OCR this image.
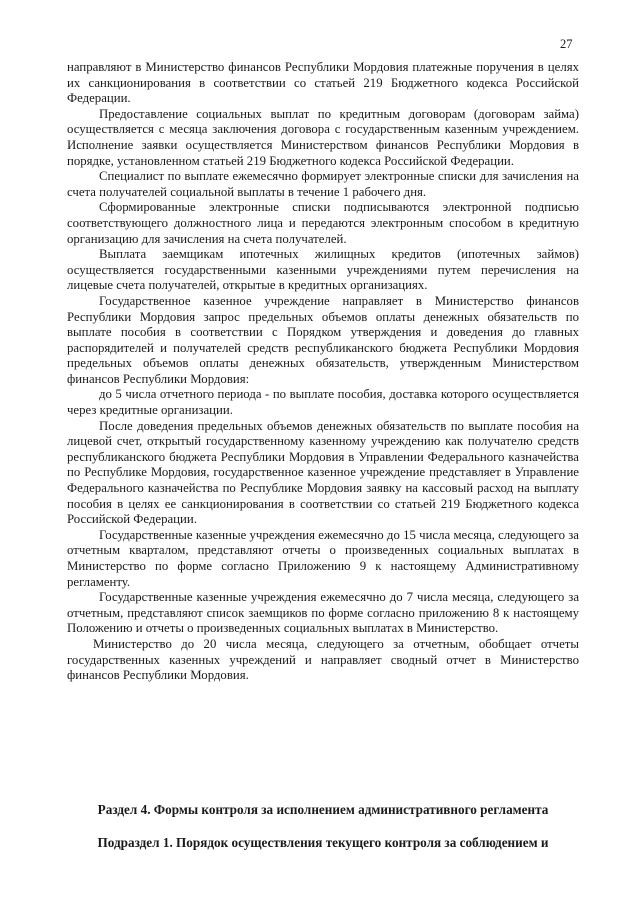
27

направляют в Министерство финансов Республики Мордовия платежные поручения в целях их санкционирования в соответствии со статьей 219 Бюджетного кодекса Российской Федерации.

Предоставление социальных выплат по кредитным договорам (договорам займа) осуществляется с месяца заключения договора с государственным казенным учреждением. Исполнение заявки осуществляется Министерством финансов Республики Мордовия в порядке, установленном статьей 219 Бюджетного кодекса Российской Федерации.

Специалист по выплате ежемесячно формирует электронные списки для зачисления на счета получателей социальной выплаты в течение 1 рабочего дня.

Сформированные электронные списки подписываются электронной подписью соответствующего должностного лица и передаются электронным способом в кредитную организацию для зачисления на счета получателей.

Выплата заемщикам ипотечных жилищных кредитов (ипотечных займов) осуществляется государственными казенными учреждениями путем перечисления на лицевые счета получателей, открытые в кредитных организациях.

Государственное казенное учреждение направляет в Министерство финансов Республики Мордовия запрос предельных объемов оплаты денежных обязательств по выплате пособия в соответствии с Порядком утверждения и доведения до главных распорядителей и получателей средств республиканского бюджета Республики Мордовия предельных объемов оплаты денежных обязательств, утвержденным Министерством финансов Республики Мордовия:

до 5 числа отчетного периода - по выплате пособия, доставка которого осуществляется через кредитные организации.

После доведения предельных объемов денежных обязательств по выплате пособия на лицевой счет, открытый государственному казенному учреждению как получателю средств республиканского бюджета Республики Мордовия в Управлении Федерального казначейства по Республике Мордовия, государственное казенное учреждение представляет в Управление Федерального казначейства по Республике Мордовия заявку на кассовый расход на выплату пособия в целях ее санкционирования в соответствии со статьей 219 Бюджетного кодекса Российской Федерации.

Государственные казенные учреждения ежемесячно до 15 числа месяца, следующего за отчетным кварталом, представляют отчеты о произведенных социальных выплатах в Министерство по форме согласно Приложению 9 к настоящему Административному регламенту.

Государственные казенные учреждения ежемесячно до 7 числа месяца, следующего за отчетным, представляют список заемщиков по форме согласно приложению 8 к настоящему Положению и отчеты о произведенных социальных выплатах в Министерство.

Министерство до 20 числа месяца, следующего за отчетным, обобщает отчеты государственных казенных учреждений и направляет сводный отчет в Министерство финансов Республики Мордовия.

Раздел 4. Формы контроля за исполнением административного регламента
Подраздел 1. Порядок осуществления текущего контроля за соблюдением и
